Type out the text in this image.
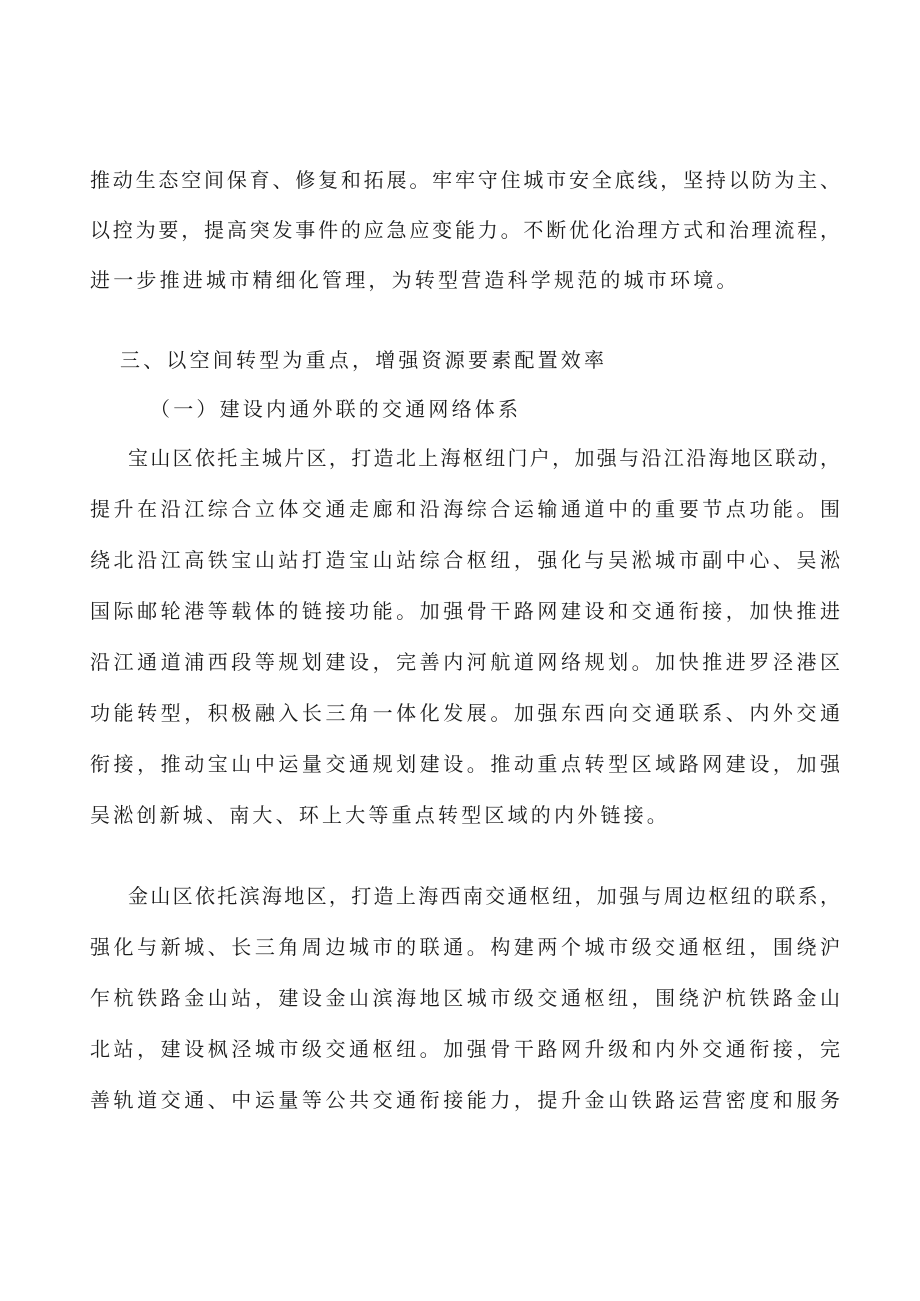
推动生态空间保育、修复和拓展。牢牢守住城市安全底线，坚持以防为主、
以控为要，提高突发事件的应急应变能力。不断优化治理方式和治理流程，
进一步推进城市精细化管理，为转型营造科学规范的城市环境。
三、以空间转型为重点，增强资源要素配置效率
（一）建设内通外联的交通网络体系
宝山区依托主城片区，打造北上海枢纽门户，加强与沿江沿海地区联动，
提升在沿江综合立体交通走廊和沿海综合运输通道中的重要节点功能。围
绕北沿江高铁宝山站打造宝山站综合枢纽，强化与吴淞城市副中心、吴淞
国际邮轮港等载体的链接功能。加强骨干路网建设和交通衔接，加快推进
沿江通道浦西段等规划建设，完善内河航道网络规划。加快推进罗泾港区
功能转型，积极融入长三角一体化发展。加强东西向交通联系、内外交通
衔接，推动宝山中运量交通规划建设。推动重点转型区域路网建设，加强
吴淞创新城、南大、环上大等重点转型区域的内外链接。
金山区依托滨海地区，打造上海西南交通枢纽，加强与周边枢纽的联系，
强化与新城、长三角周边城市的联通。构建两个城市级交通枢纽，围绕沪
乍杭铁路金山站，建设金山滨海地区城市级交通枢纽，围绕沪杭铁路金山
北站，建设枫泾城市级交通枢纽。加强骨干路网升级和内外交通衔接，完
善轨道交通、中运量等公共交通衔接能力，提升金山铁路运营密度和服务
